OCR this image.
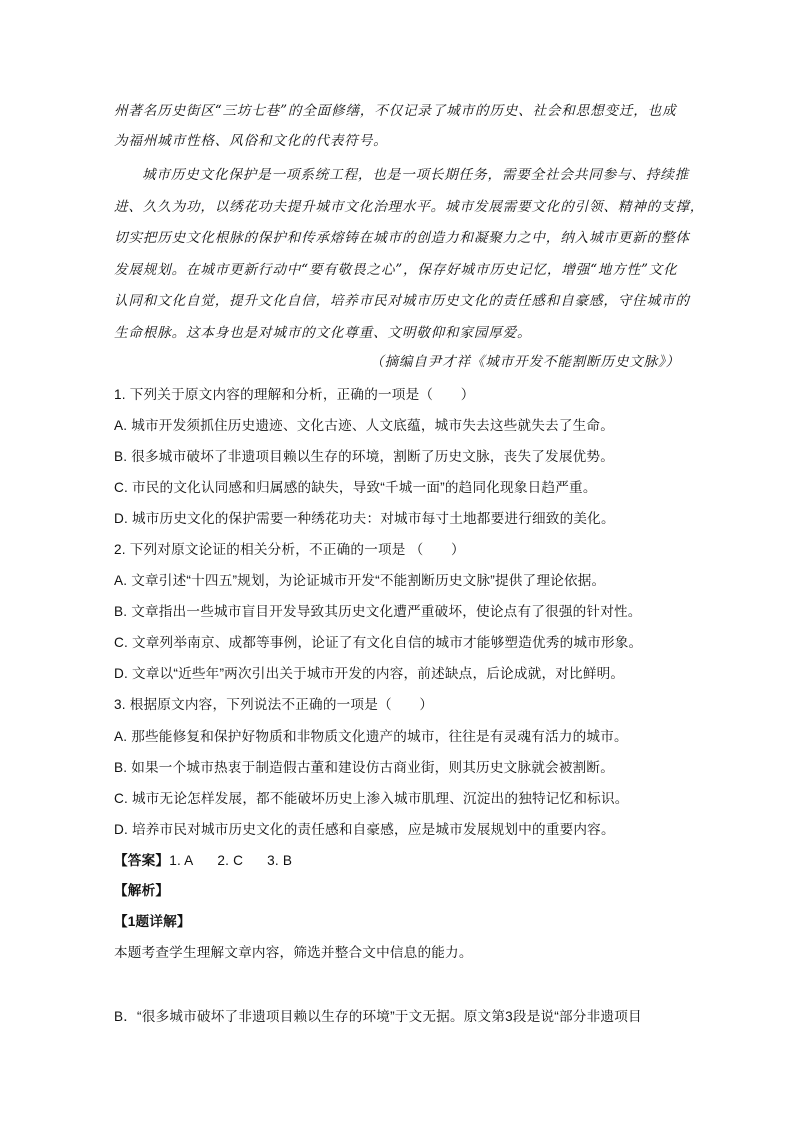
州著名历史街区“三坊七巷”的全面修缮，不仅记录了城市的历史、社会和思想变迁，也成
为福州城市性格、风俗和文化的代表符号。
城市历史文化保护是一项系统工程，也是一项长期任务，需要全社会共同参与、持续推
进、久久为功，以绣花功夫提升城市文化治理水平。城市发展需要文化的引领、精神的支撑，
切实把历史文化根脉的保护和传承熔铸在城市的创造力和凝聚力之中，纳入城市更新的整体
发展规划。在城市更新行动中“要有敬畏之心”，保存好城市历史记忆，增强“地方性”文化
认同和文化自觉，提升文化自信，培养市民对城市历史文化的责任感和自豪感，守住城市的
生命根脉。这本身也是对城市的文化尊重、文明敬仰和家园厚爱。
（摘编自尹才祥《城市开发不能割断历史文脉》）
1. 下列关于原文内容的理解和分析，正确的一项是（　　）
A. 城市开发须抓住历史遗迹、文化古迹、人文底蕴，城市失去这些就失去了生命。
B. 很多城市破坏了非遗项目赖以生存的环境，割断了历史文脉，丧失了发展优势。
C. 市民的文化认同感和归属感的缺失，导致“千城一面”的趋同化现象日趋严重。
D. 城市历史文化的保护需要一种绣花功夫：对城市每寸土地都要进行细致的美化。
2. 下列对原文论证的相关分析，不正确的一项是 （　　）
A. 文章引述“十四五”规划，为论证城市开发“不能割断历史文脉”提供了理论依据。
B. 文章指出一些城市盲目开发导致其历史文化遭严重破坏，使论点有了很强的针对性。
C. 文章列举南京、成都等事例，论证了有文化自信的城市才能够塑造优秀的城市形象。
D. 文章以“近些年”两次引出关于城市开发的内容，前述缺点，后论成就，对比鲜明。
3. 根据原文内容，下列说法不正确的一项是（　　）
A. 那些能修复和保护好物质和非物质文化遗产的城市，往往是有灵魂有活力的城市。
B. 如果一个城市热衷于制造假古董和建设仿古商业街，则其历史文脉就会被割断。
C. 城市无论怎样发展，都不能破坏历史上渗入城市肌理、沉淀出的独特记忆和标识。
D. 培养市民对城市历史文化的责任感和自豪感，应是城市发展规划中的重要内容。
【答案】1. A 2. C 3. B
【解析】
【1题详解】
本题考查学生理解文章内容，筛选并整合文中信息的能力。
B．“很多城市破坏了非遗项目赖以生存的环境”于文无据。原文第3段是说“部分非遗项目
